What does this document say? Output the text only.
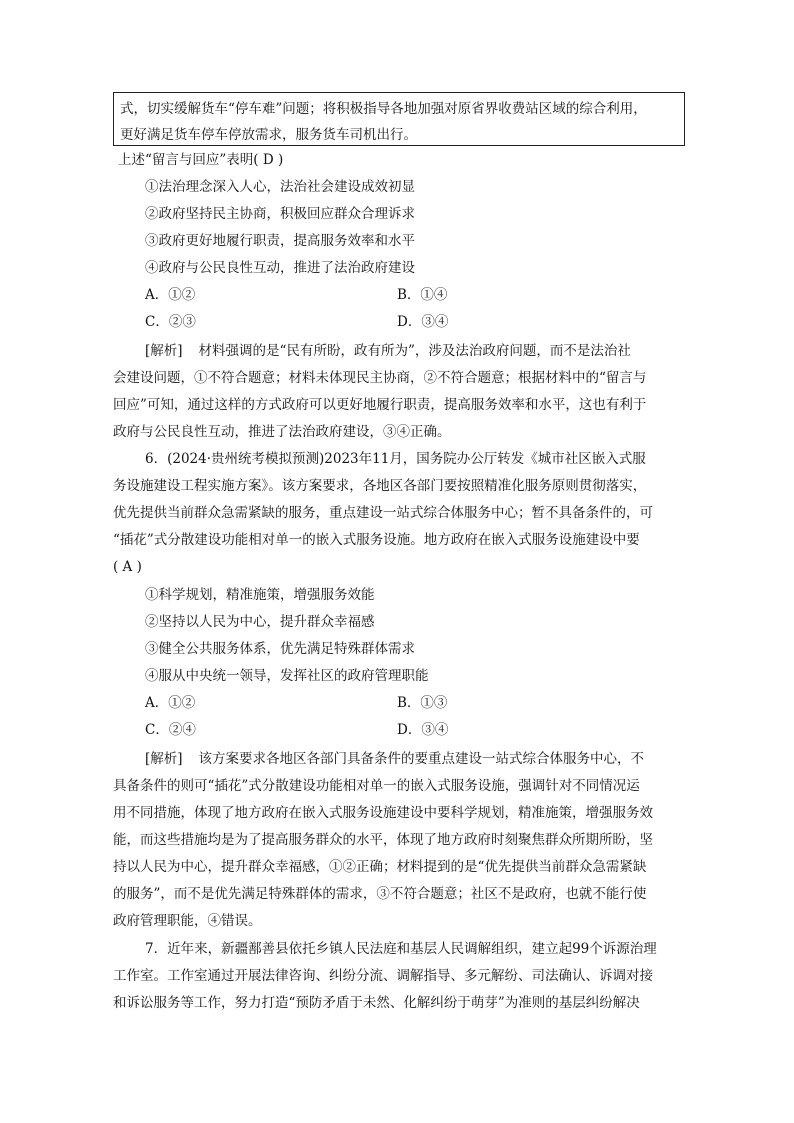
式，切实缓解货车“停车难”问题；将积极指导各地加强对原省界收费站区域的综合利用，
更好满足货车停车停放需求，服务货车司机出行。
上述“留言与回应”表明( D )
①法治理念深入人心，法治社会建设成效初显
②政府坚持民主协商，积极回应群众合理诉求
③政府更好地履行职责，提高服务效率和水平
④政府与公民良性互动，推进了法治政府建设
A．①②	B．①④
C．②③	D．③④
[解析] 材料强调的是“民有所盼，政有所为”，涉及法治政府问题，而不是法治社
会建设问题，①不符合题意；材料未体现民主协商，②不符合题意；根据材料中的“留言与
回应”可知，通过这样的方式政府可以更好地履行职责，提高服务效率和水平，这也有利于
政府与公民良性互动，推进了法治政府建设，③④正确。
6．(2024·贵州统考模拟预测)2023年11月，国务院办公厅转发《城市社区嵌入式服
务设施建设工程实施方案》。该方案要求，各地区各部门要按照精准化服务原则贯彻落实，
优先提供当前群众急需紧缺的服务，重点建设一站式综合体服务中心；暂不具备条件的，可
“插花”式分散建设功能相对单一的嵌入式服务设施。地方政府在嵌入式服务设施建设中要
( A )
①科学规划，精准施策，增强服务效能
②坚持以人民为中心，提升群众幸福感
③健全公共服务体系，优先满足特殊群体需求
④服从中央统一领导，发挥社区的政府管理职能
A．①②	B．①③
C．②④	D．③④
[解析] 该方案要求各地区各部门具备条件的要重点建设一站式综合体服务中心，不
具备条件的则可“插花”式分散建设功能相对单一的嵌入式服务设施，强调针对不同情况运
用不同措施，体现了地方政府在嵌入式服务设施建设中要科学规划，精准施策，增强服务效
能，而这些措施均是为了提高服务群众的水平，体现了地方政府时刻聚焦群众所期所盼，坚
持以人民为中心，提升群众幸福感，①②正确；材料提到的是“优先提供当前群众急需紧缺
的服务”，而不是优先满足特殊群体的需求，③不符合题意；社区不是政府，也就不能行使
政府管理职能，④错误。
7．近年来，新疆鄯善县依托乡镇人民法庭和基层人民调解组织，建立起99个诉源治理
工作室。工作室通过开展法律咨询、纠纷分流、调解指导、多元解纷、司法确认、诉调对接
和诉讼服务等工作，努力打造“预防矛盾于未然、化解纠纷于萌芽”为准则的基层纠纷解决
